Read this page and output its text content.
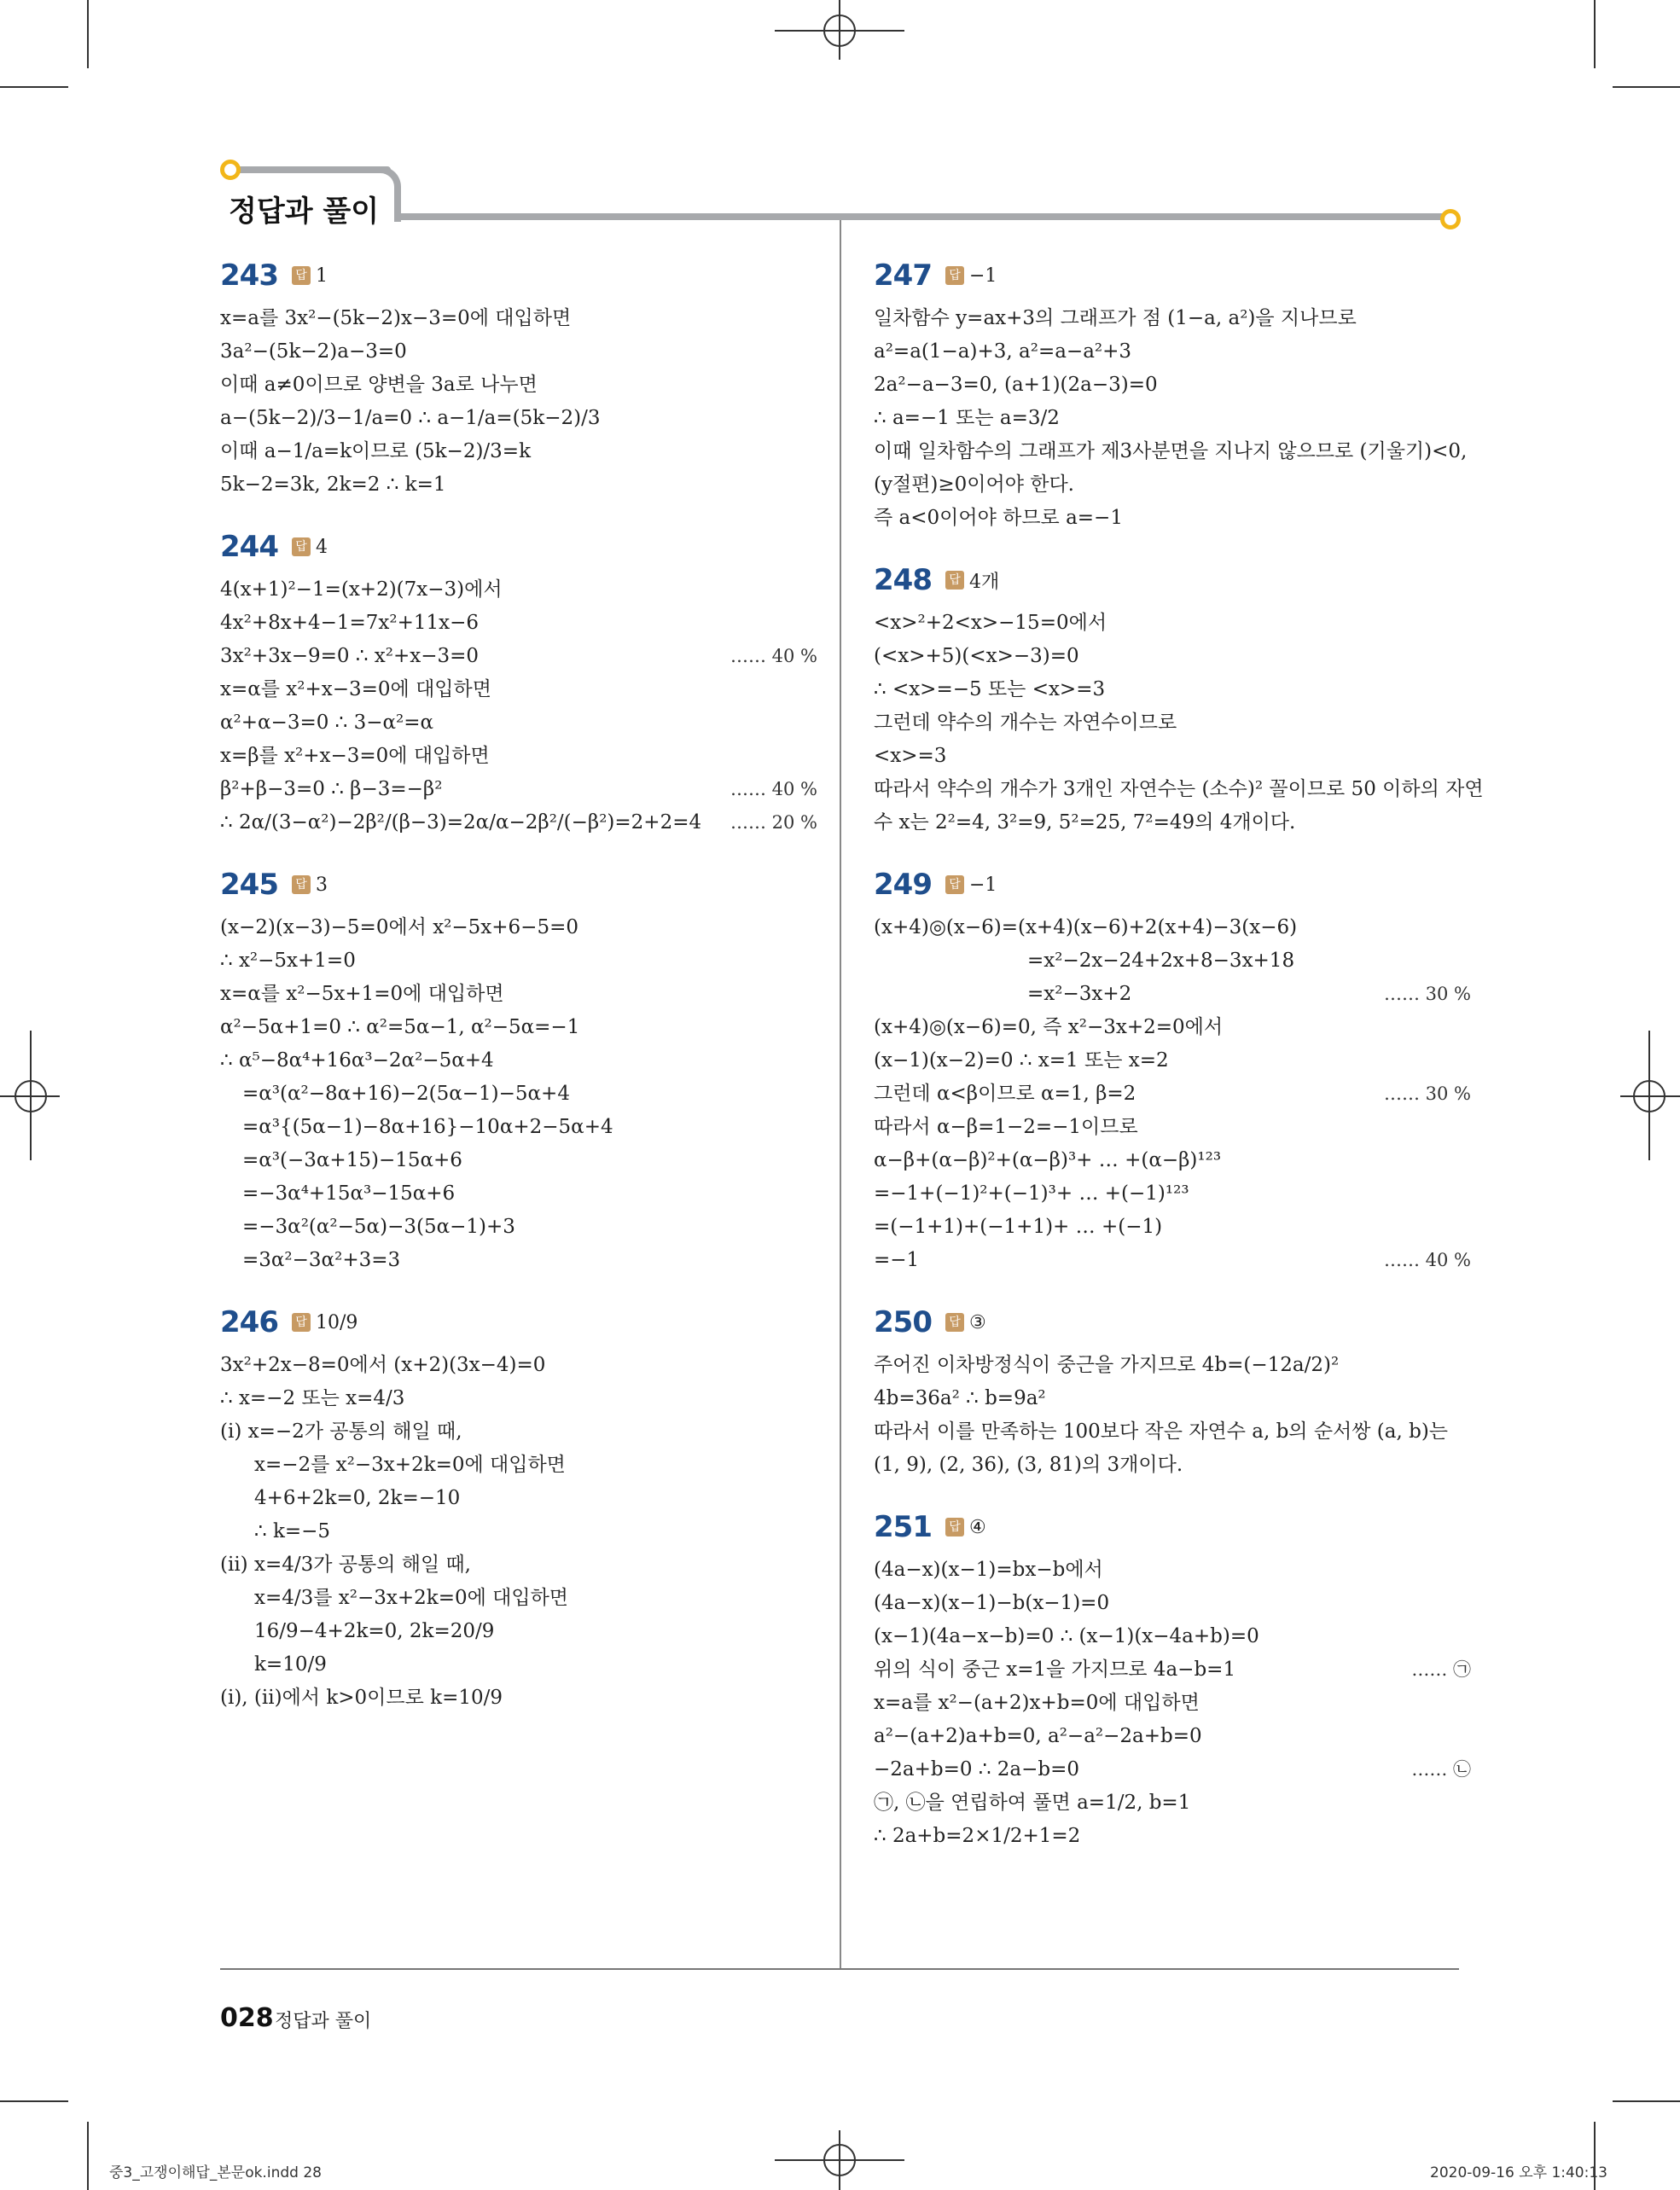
정답과 풀이
243	답 1
x=a를 3x²−(5k−2)x−3=0에 대입하면
3a²−(5k−2)a−3=0
이때 a≠0이므로 양변을 3a로 나누면
a−(5k−2)/3−1/a=0 ∴ a−1/a=(5k−2)/3
이때 a−1/a=k이므로 (5k−2)/3=k
5k−2=3k, 2k=2 ∴ k=1
244	답 4
4(x+1)²−1=(x+2)(7x−3)에서
4x²+8x+4−1=7x²+11x−6
3x²+3x−9=0 ∴ x²+x−3=0	…… 40 %
x=α를 x²+x−3=0에 대입하면
α²+α−3=0 ∴ 3−α²=α
x=β를 x²+x−3=0에 대입하면
β²+β−3=0 ∴ β−3=−β²	…… 40 %
∴ 2α/(3−α²)−2β²/(β−3)=2α/α−2β²/(−β²)=2+2=4 …… 20 %
245	답 3
(x−2)(x−3)−5=0에서 x²−5x+6−5=0
∴ x²−5x+1=0
x=α를 x²−5x+1=0에 대입하면
α²−5α+1=0 ∴ α²=5α−1, α²−5α=−1
∴ α⁵−8α⁴+16α³−2α²−5α+4
=α³(α²−8α+16)−2(5α−1)−5α+4
=α³{(5α−1)−8α+16}−10α+2−5α+4
=α³(−3α+15)−15α+6
=−3α⁴+15α³−15α+6
=−3α²(α²−5α)−3(5α−1)+3
=3α²−3α²+3=3
246	답 10/9
3x²+2x−8=0에서 (x+2)(3x−4)=0
∴ x=−2 또는 x=4/3
(i) x=−2가 공통의 해일 때,
x=−2를 x²−3x+2k=0에 대입하면
4+6+2k=0, 2k=−10
∴ k=−5
(ii) x=4/3가 공통의 해일 때,
x=4/3를 x²−3x+2k=0에 대입하면
16/9−4+2k=0, 2k=20/9
k=10/9
(i), (ii)에서 k>0이므로 k=10/9
247	답 −1
일차함수 y=ax+3의 그래프가 점 (1−a, a²)을 지나므로
a²=a(1−a)+3, a²=a−a²+3
2a²−a−3=0, (a+1)(2a−3)=0
∴ a=−1 또는 a=3/2
이때 일차함수의 그래프가 제3사분면을 지나지 않으므로 (기울기)<0,
(y절편)≥0이어야 한다.
즉 a<0이어야 하므로 a=−1
248	답 4개
<x>²+2<x>−15=0에서
(<x>+5)(<x>−3)=0
∴ <x>=−5 또는 <x>=3
그런데 약수의 개수는 자연수이므로
<x>=3
따라서 약수의 개수가 3개인 자연수는 (소수)² 꼴이므로 50 이하의 자연
수 x는 2²=4, 3²=9, 5²=25, 7²=49의 4개이다.
249	답 −1
(x+4)◎(x−6)=(x+4)(x−6)+2(x+4)−3(x−6)
=x²−2x−24+2x+8−3x+18
=x²−3x+2	…… 30 %
(x+4)◎(x−6)=0, 즉 x²−3x+2=0에서
(x−1)(x−2)=0 ∴ x=1 또는 x=2
그런데 α<β이므로 α=1, β=2	…… 30 %
따라서 α−β=1−2=−1이므로
α−β+(α−β)²+(α−β)³+ … +(α−β)¹²³
=−1+(−1)²+(−1)³+ … +(−1)¹²³
=(−1+1)+(−1+1)+ … +(−1)
=−1	…… 40 %
250	답 ③
주어진 이차방정식이 중근을 가지므로 4b=(−12a/2)²
4b=36a² ∴ b=9a²
따라서 이를 만족하는 100보다 작은 자연수 a, b의 순서쌍 (a, b)는
(1, 9), (2, 36), (3, 81)의 3개이다.
251	답 ④
(4a−x)(x−1)=bx−b에서
(4a−x)(x−1)−b(x−1)=0
(x−1)(4a−x−b)=0 ∴ (x−1)(x−4a+b)=0
위의 식이 중근 x=1을 가지므로 4a−b=1	…… ㉠
x=a를 x²−(a+2)x+b=0에 대입하면
a²−(a+2)a+b=0, a²−a²−2a+b=0
−2a+b=0 ∴ 2a−b=0	…… ㉡
㉠, ㉡을 연립하여 풀면 a=1/2, b=1
∴ 2a+b=2×1/2+1=2
028 정답과 풀이
중3_고쟁이해답_본문ok.indd 28	2020-09-16 오후 1:40:13
